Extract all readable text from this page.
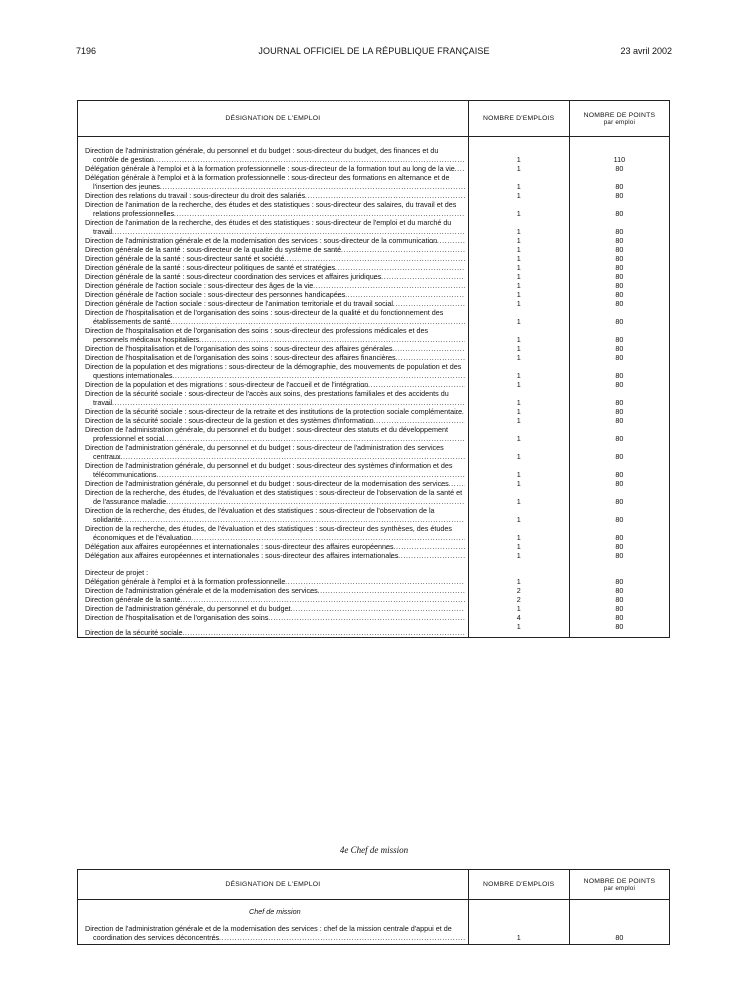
7196	JOURNAL OFFICIEL DE LA RÉPUBLIQUE FRANÇAISE	23 avril 2002
DÉSIGNATION DE L'EMPLOI	NOMBRE D'EMPLOIS	NOMBRE DE POINTS
par emploi

Direction de l'administration générale, du personnel et du budget : sous-directeur du budget, des finances et du contrôle de gestion .....	1	110

Délégation générale à l'emploi et à la formation professionnelle : sous-directeur de la formation tout au long de la vie .....	1	80

Délégation générale à l'emploi et à la formation professionnelle : sous-directeur des formations en alternance et de l'insertion des jeunes .....	1	80

Direction des relations du travail : sous-directeur du droit des salariés .....	1	80

Direction de l'animation de la recherche, des études et des statistiques : sous-directeur des salaires, du travail et des relations professionnelles .....	1	80

Direction de l'animation de la recherche, des études et des statistiques : sous-directeur de l'emploi et du marché du travail .....	1	80

Direction de l'administration générale et de la modernisation des services : sous-directeur de la communication .....	1	80

Direction générale de la santé : sous-directeur de la qualité du système de santé .....	1	80

Direction générale de la santé : sous-directeur santé et société .....	1	80

Direction générale de la santé : sous-directeur politiques de santé et stratégies .....	1	80

Direction générale de la santé : sous-directeur coordination des services et affaires juridiques .....	1	80

Direction générale de l'action sociale : sous-directeur des âges de la vie .....	1	80

Direction générale de l'action sociale : sous-directeur des personnes handicapées .....	1	80

Direction générale de l'action sociale : sous-directeur de l'animation territoriale et du travail social .....	1	80

Direction de l'hospitalisation et de l'organisation des soins : sous-directeur de la qualité et du fonctionnement des établissements de santé .....	1	80

Direction de l'hospitalisation et de l'organisation des soins : sous-directeur des professions médicales et des personnels médicaux hospitaliers .....	1	80

Direction de l'hospitalisation et de l'organisation des soins : sous-directeur des affaires générales .....	1	80

Direction de l'hospitalisation et de l'organisation des soins : sous-directeur des affaires financières .....	1	80

Direction de la population et des migrations : sous-directeur de la démographie, des mouvements de population et des questions internationales .....	1	80

Direction de la population et des migrations : sous-directeur de l'accueil et de l'intégration .....	1	80

Direction de la sécurité sociale : sous-directeur de l'accès aux soins, des prestations familiales et des accidents du travail .....	1	80

Direction de la sécurité sociale : sous-directeur de la retraite et des institutions de la protection sociale complémentaire .....	1	80

Direction de la sécurité sociale : sous-directeur de la gestion et des systèmes d'information .....	1	80

Direction de l'administration générale, du personnel et du budget : sous-directeur des statuts et du développement professionnel et social .....	1	80

Direction de l'administration générale, du personnel et du budget : sous-directeur de l'administration des services centraux .....	1	80

Direction de l'administration générale, du personnel et du budget : sous-directeur des systèmes d'information et des télécommunications .....	1	80

Direction de l'administration générale, du personnel et du budget : sous-directeur de la modernisation des services .....	1	80

Direction de la recherche, des études, de l'évaluation et des statistiques : sous-directeur de l'observation de la santé et de l'assurance maladie .....	1	80

Direction de la recherche, des études, de l'évaluation et des statistiques : sous-directeur de l'observation de la solidarité .....	1	80

Direction de la recherche, des études, de l'évaluation et des statistiques : sous-directeur des synthèses, des études économiques et de l'évaluation .....	1	80

Délégation aux affaires européennes et internationales : sous-directeur des affaires européennes .....	1	80

Délégation aux affaires européennes et internationales : sous-directeur des affaires internationales .....	1	80

Directeur de projet :		

Délégation générale à l'emploi et à la formation professionnelle .....	1	80

Direction de l'administration générale et de la modernisation des services .....	2	80

Direction générale de la santé .....	2	80

Direction de l'administration générale, du personnel et du budget .....	1	80

Direction de l'hospitalisation et de l'organisation des soins .....	4	80

Direction de la sécurité sociale .....	1	80
4e Chef de mission
DÉSIGNATION DE L'EMPLOI	NOMBRE D'EMPLOIS	NOMBRE DE POINTS
par emploi

Chef de mission		

Direction de l'administration générale et de la modernisation des services : chef de la mission centrale d'appui et de coordination des services déconcentrés .....	1	80
